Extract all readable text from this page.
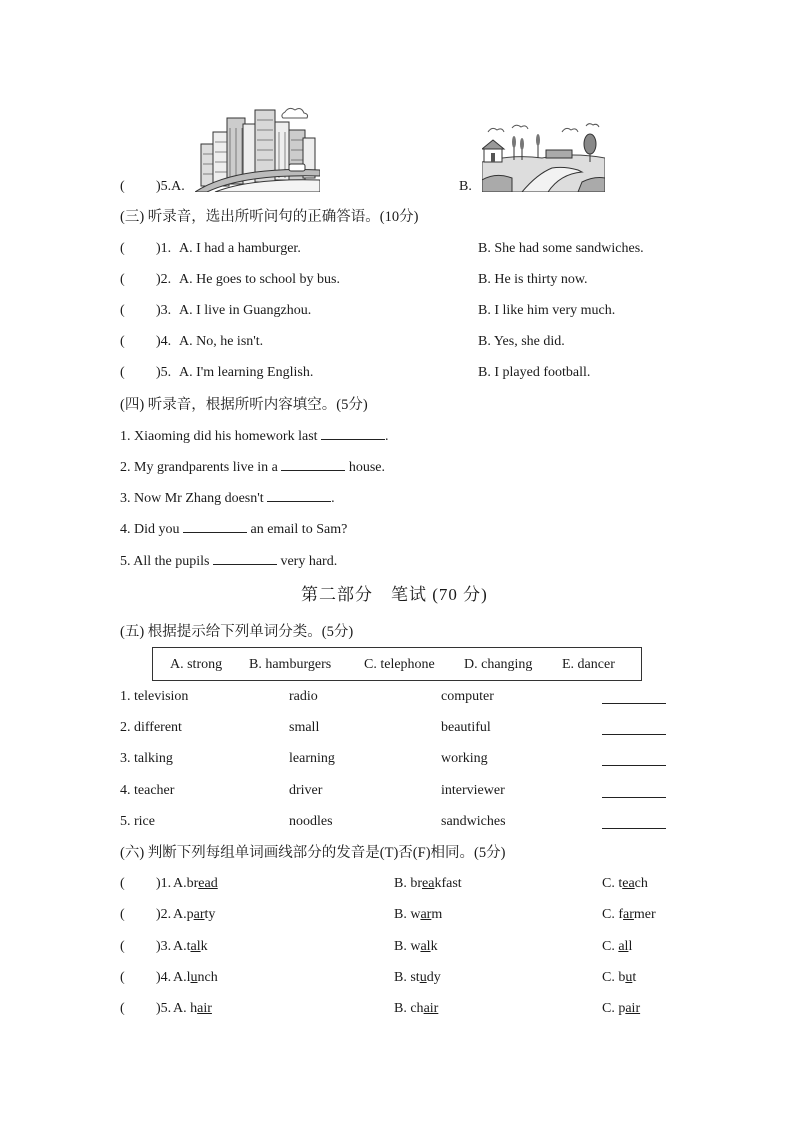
(　　 )5.A.	B.
(三) 听录音，选出所听问句的正确答语。(10分)
(　　 )1. A. I had a hamburger.	B. She had some sandwiches.
(　　 )2. A. He goes to school by bus.	B. He is thirty now.
(　　 )3. A. I live in Guangzhou.	B. I like him very much.
(　　 )4. A. No, he isn't.	B. Yes, she did.
(　　 )5. A. I'm learning English.	B. I played football.
(四) 听录音，根据所听内容填空。(5分)
1. Xiaoming did his homework last	.
2. My grandparents live in a	house.
3. Now Mr Zhang doesn't	.
4. Did you	an email to Sam?
5. All the pupils	very hard.
第二部分　笔试 (70 分)
(五) 根据提示给下列单词分类。(5分)
A. strong B. hamburgers C. telephone D. changing E. dancer
1. television	radio	computer
2. different	small	beautiful
3. talking	learning	working
4. teacher	driver	interviewer
5. rice	noodles	sandwiches
(六) 判断下列每组单词画线部分的发音是(T)否(F)相同。(5分)
(　　 )1. A.bread	B. breakfast	C. teach
(　　 )2. A.party	B. warm	C. farmer
(　　 )3. A.talk	B. walk	C. all
(　　 )4. A.lunch	B. study	C. but
(　　 )5. A. hair	B. chair	C. pair
